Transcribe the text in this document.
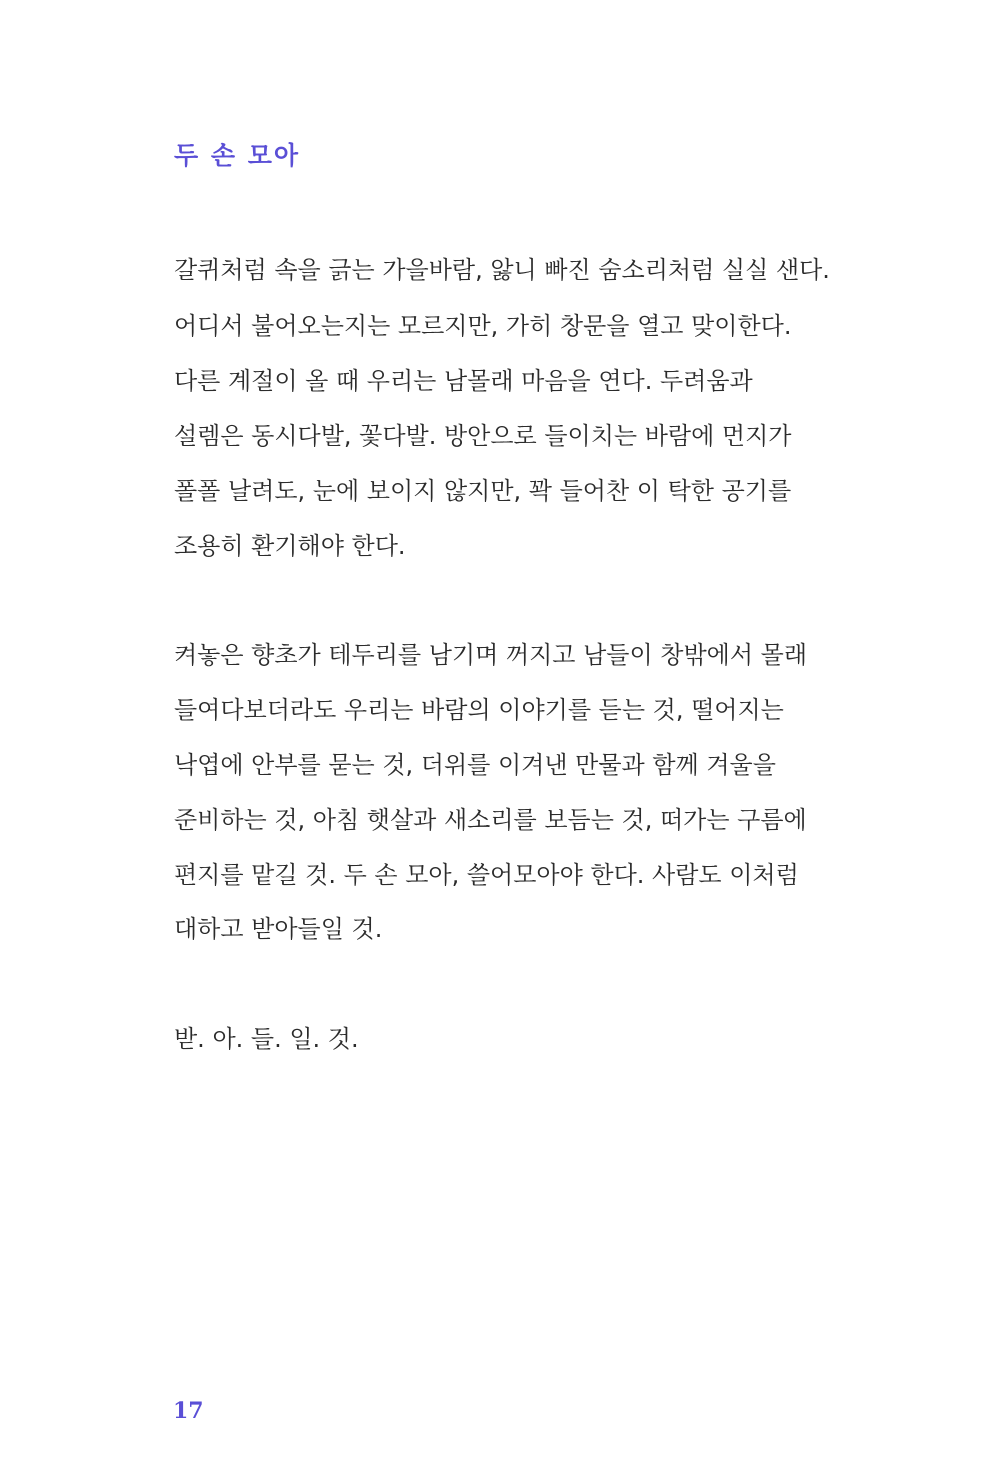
두 손 모아

갈퀴처럼 속을 긁는 가을바람, 앓니 빠진 숨소리처럼 실실 샌다.

어디서 불어오는지는 모르지만, 가히 창문을 열고 맞이한다.

다른 계절이 올 때 우리는 남몰래 마음을 연다. 두려움과

설렘은 동시다발, 꽃다발. 방안으로 들이치는 바람에 먼지가

폴폴 날려도, 눈에 보이지 않지만, 꽉 들어찬 이 탁한 공기를

조용히 환기해야 한다.

켜놓은 향초가 테두리를 남기며 꺼지고 남들이 창밖에서 몰래

들여다보더라도 우리는 바람의 이야기를 듣는 것, 떨어지는

낙엽에 안부를 묻는 것, 더위를 이겨낸 만물과 함께 겨울을

준비하는 것, 아침 햇살과 새소리를 보듬는 것, 떠가는 구름에

편지를 맡길 것. 두 손 모아, 쓸어모아야 한다. 사람도 이처럼

대하고 받아들일 것.

받. 아. 들. 일. 것.

17
